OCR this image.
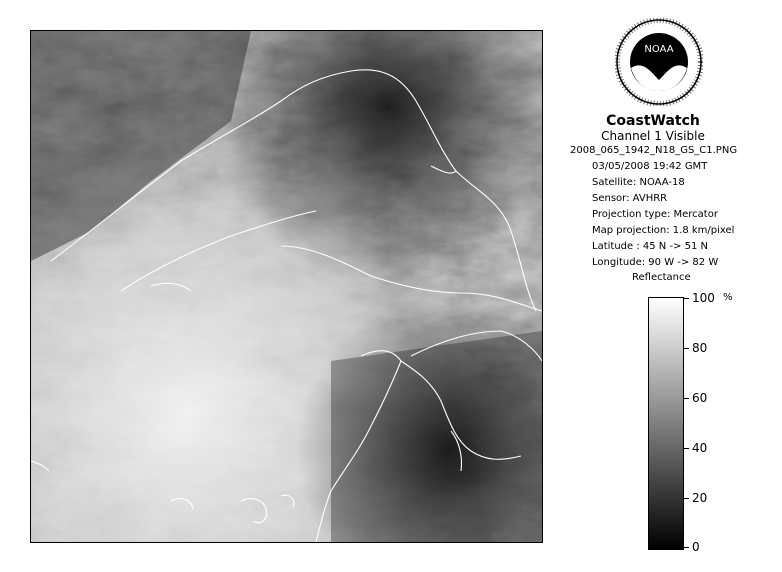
NOAA
CoastWatch
Channel 1 Visible
2008_065_1942_N18_GS_C1.PNG
03/05/2008 19:42 GMT
Satellite: NOAA-18
Sensor: AVHRR
Projection type: Mercator
Map projection: 1.8 km/pixel
Latitude : 45 N -> 51 N
Longitude: 90 W -> 82 W
Reflectance
%
100
80
60
40
20
0
